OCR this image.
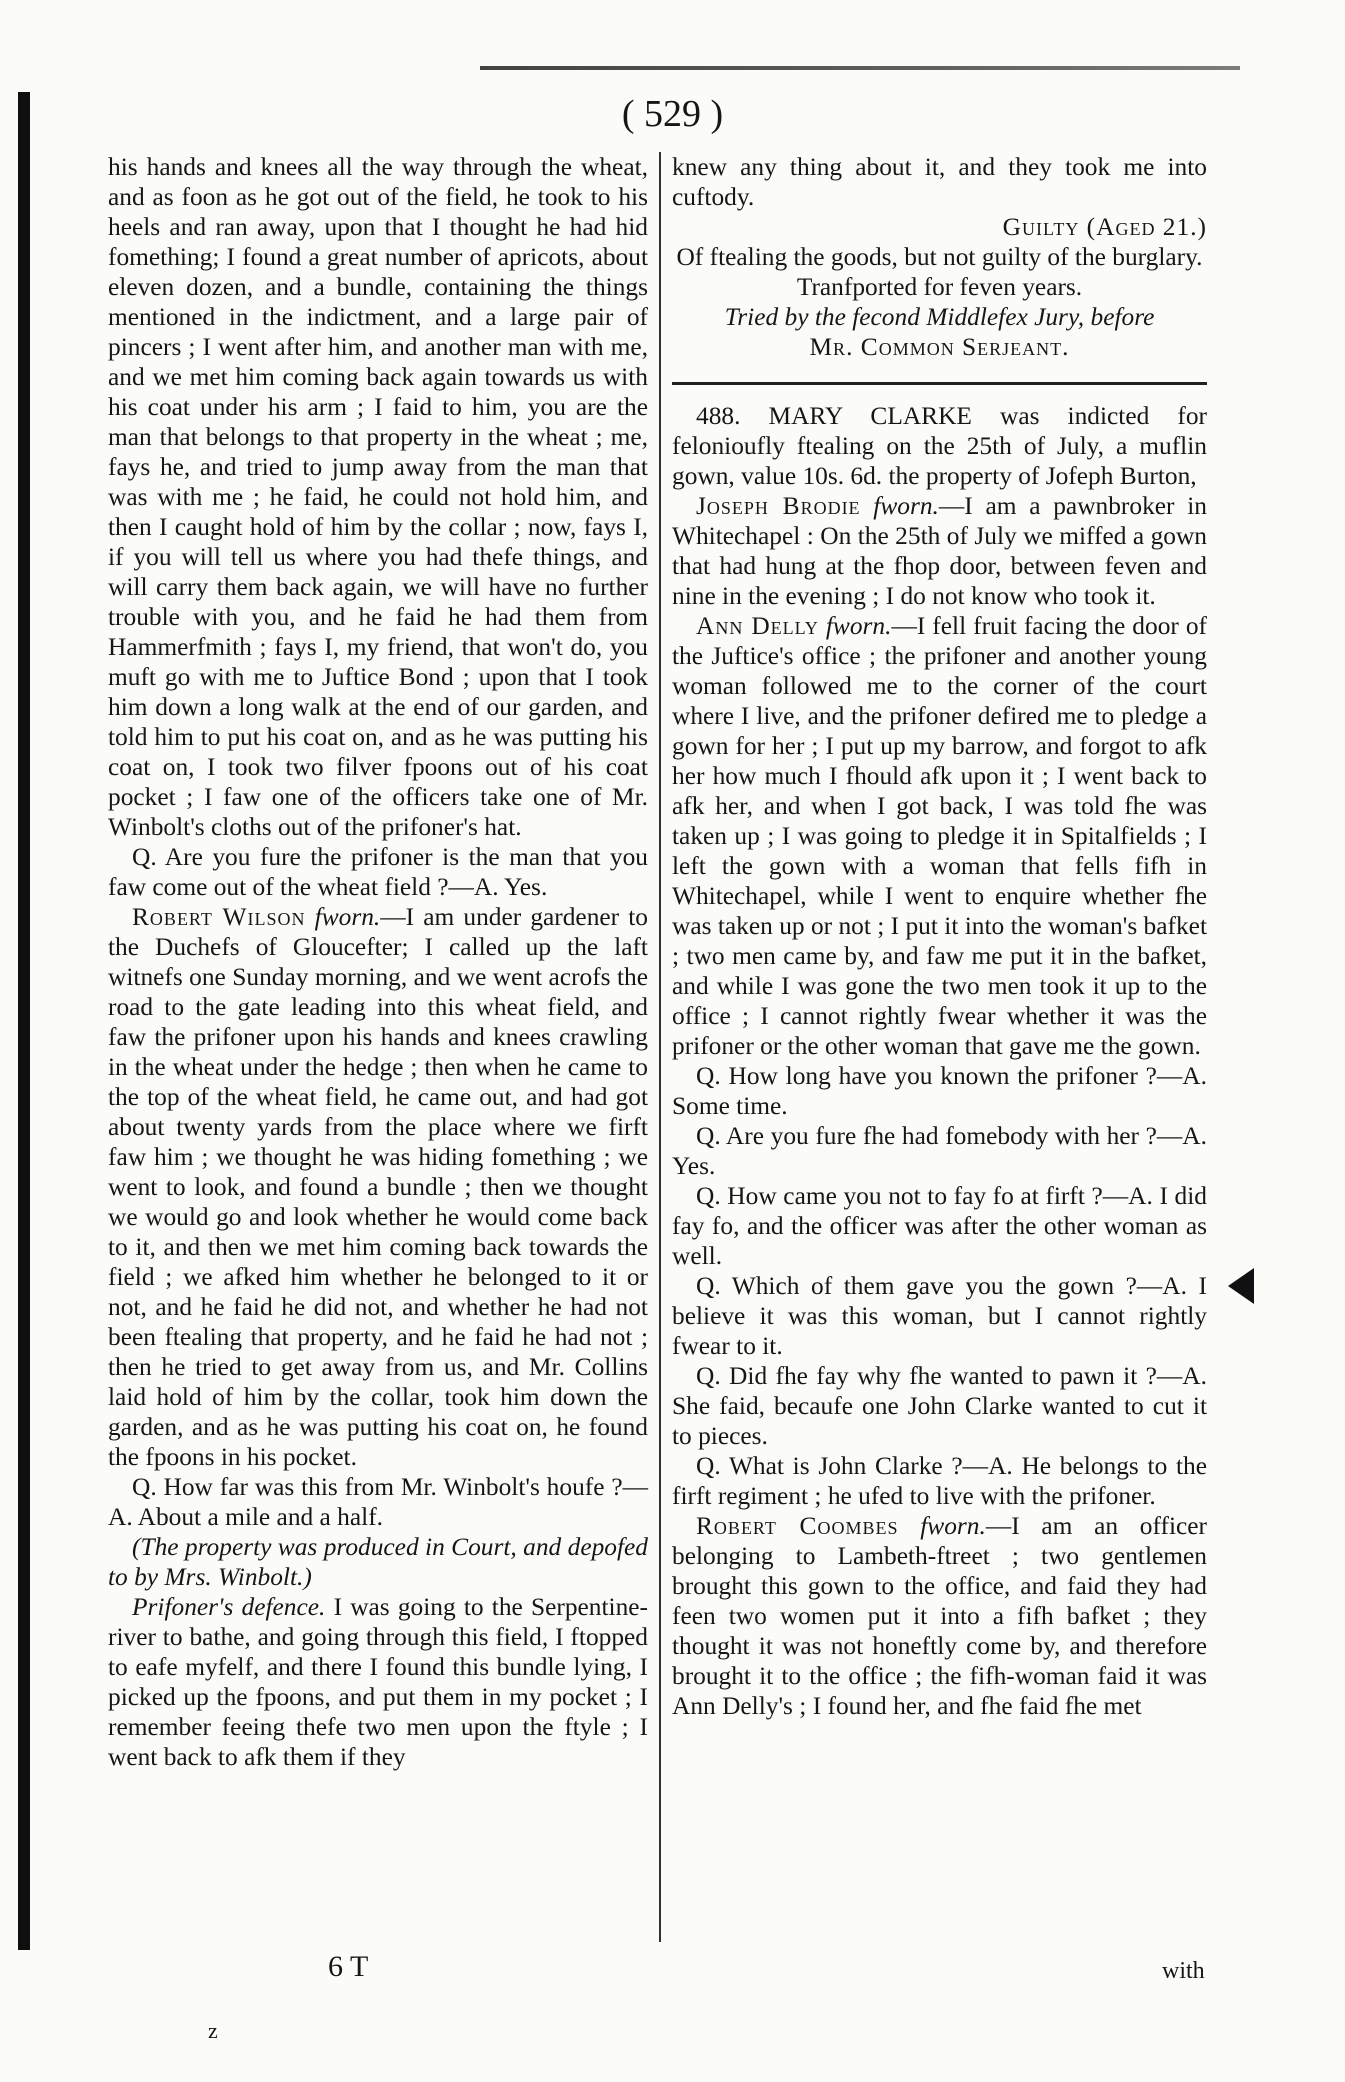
( 529 )

his hands and knees all the way through the wheat, and as foon as he got out of the field, he took to his heels and ran away, upon that I thought he had hid fomething; I found a great number of apricots, about eleven dozen, and a bundle, containing the things mentioned in the indictment, and a large pair of pincers ; I went after him, and another man with me, and we met him coming back again towards us with his coat under his arm ; I faid to him, you are the man that belongs to that property in the wheat ; me, fays he, and tried to jump away from the man that was with me ; he faid, he could not hold him, and then I caught hold of him by the collar ; now, fays I, if you will tell us where you had thefe things, and will carry them back again, we will have no further trouble with you, and he faid he had them from Hammerfmith ; fays I, my friend, that won't do, you muft go with me to Juftice Bond ; upon that I took him down a long walk at the end of our garden, and told him to put his coat on, and as he was putting his coat on, I took two filver fpoons out of his coat pocket ; I faw one of the officers take one of Mr. Winbolt's cloths out of the prifoner's hat.

Q. Are you fure the prifoner is the man that you faw come out of the wheat field ?—A. Yes.

Robert Wilson fworn.—I am under gardener to the Duchefs of Gloucefter; I called up the laft witnefs one Sunday morning, and we went acrofs the road to the gate leading into this wheat field, and faw the prifoner upon his hands and knees crawling in the wheat under the hedge ; then when he came to the top of the wheat field, he came out, and had got about twenty yards from the place where we firft faw him ; we thought he was hiding fomething ; we went to look, and found a bundle ; then we thought we would go and look whether he would come back to it, and then we met him coming back towards the field ; we afked him whether he belonged to it or not, and he faid he did not, and whether he had not been ftealing that property, and he faid he had not ; then he tried to get away from us, and Mr. Collins laid hold of him by the collar, took him down the garden, and as he was putting his coat on, he found the fpoons in his pocket.

Q. How far was this from Mr. Winbolt's houfe ?—A. About a mile and a half.

(The property was produced in Court, and depofed to by Mrs. Winbolt.)

Prifoner's defence. I was going to the Serpentine-river to bathe, and going through this field, I ftopped to eafe myfelf, and there I found this bundle lying, I picked up the fpoons, and put them in my pocket ; I remember feeing thefe two men upon the ftyle ; I went back to afk them if they

knew any thing about it, and they took me into cuftody.

Guilty (Aged 21.)

Of ftealing the goods, but not guilty of the burglary.

Tranfported for feven years.

Tried by the fecond Middlefex Jury, before

Mr. Common Serjeant.

488. MARY CLARKE was indicted for felonioufly ftealing on the 25th of July, a muflin gown, value 10s. 6d. the property of Jofeph Burton,

Joseph Brodie fworn.—I am a pawnbroker in Whitechapel : On the 25th of July we miffed a gown that had hung at the fhop door, between feven and nine in the evening ; I do not know who took it.

Ann Delly fworn.—I fell fruit facing the door of the Juftice's office ; the prifoner and another young woman followed me to the corner of the court where I live, and the prifoner defired me to pledge a gown for her ; I put up my barrow, and forgot to afk her how much I fhould afk upon it ; I went back to afk her, and when I got back, I was told fhe was taken up ; I was going to pledge it in Spitalfields ; I left the gown with a woman that fells fifh in Whitechapel, while I went to enquire whether fhe was taken up or not ; I put it into the woman's bafket ; two men came by, and faw me put it in the bafket, and while I was gone the two men took it up to the office ; I cannot rightly fwear whether it was the prifoner or the other woman that gave me the gown.

Q. How long have you known the prifoner ?—A. Some time.

Q. Are you fure fhe had fomebody with her ?—A. Yes.

Q. How came you not to fay fo at firft ?—A. I did fay fo, and the officer was after the other woman as well.

Q. Which of them gave you the gown ?—A. I believe it was this woman, but I cannot rightly fwear to it.

Q. Did fhe fay why fhe wanted to pawn it ?—A. She faid, becaufe one John Clarke wanted to cut it to pieces.

Q. What is John Clarke ?—A. He belongs to the firft regiment ; he ufed to live with the prifoner.

Robert Coombes fworn.—I am an officer belonging to Lambeth-ftreet ; two gentlemen brought this gown to the office, and faid they had feen two women put it into a fifh bafket ; they thought it was not honeftly come by, and therefore brought it to the office ; the fifh-woman faid it was Ann Delly's ; I found her, and fhe faid fhe met

6 T	with
z
